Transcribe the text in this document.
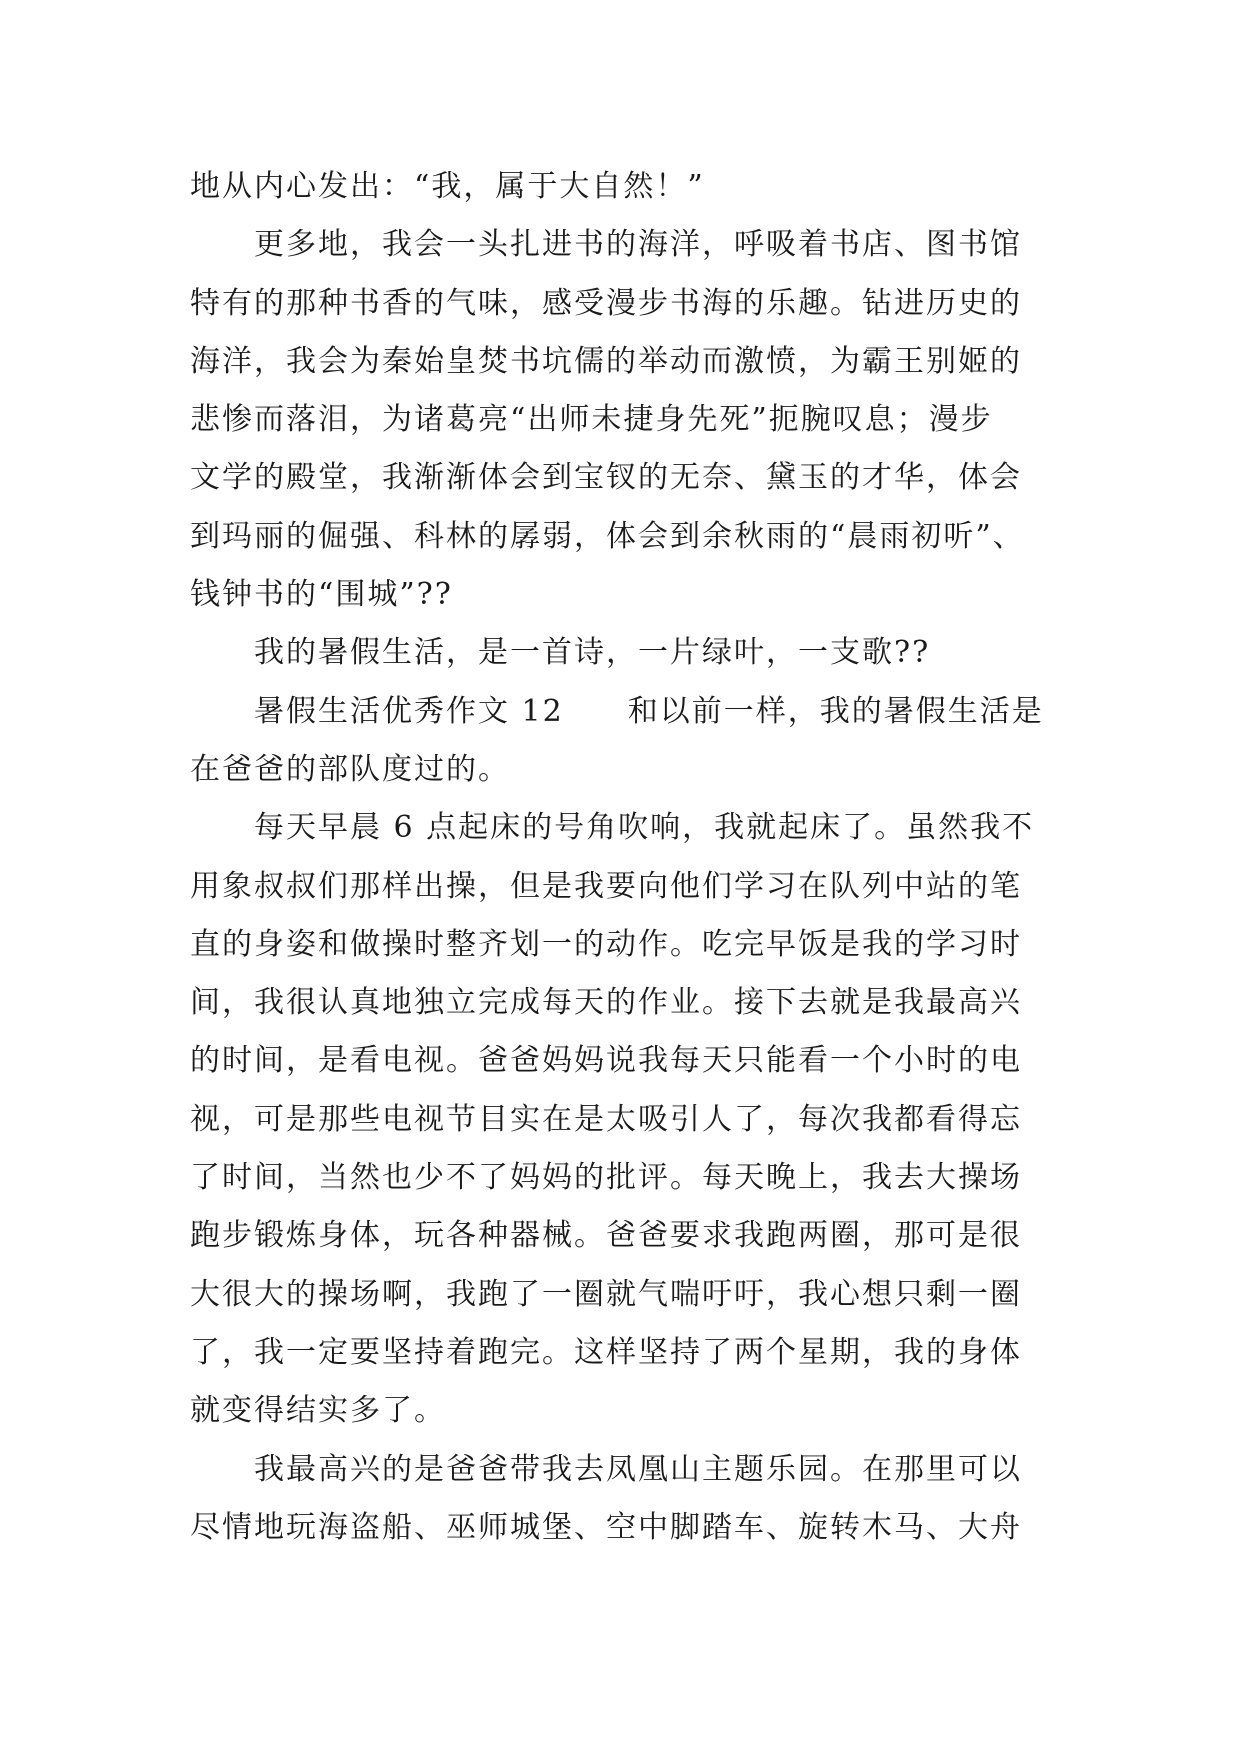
地从内心发出：“我，属于大自然！”
更多地，我会一头扎进书的海洋，呼吸着书店、图书馆
特有的那种书香的气味，感受漫步书海的乐趣。钻进历史的
海洋，我会为秦始皇焚书坑儒的举动而激愤，为霸王别姬的
悲惨而落泪，为诸葛亮“出师未捷身先死”扼腕叹息；漫步
文学的殿堂，我渐渐体会到宝钗的无奈、黛玉的才华，体会
到玛丽的倔强、科林的孱弱，体会到余秋雨的“晨雨初听”、
钱钟书的“围城”??
我的暑假生活，是一首诗，一片绿叶，一支歌??
暑假生活优秀作文 12　　和以前一样，我的暑假生活是
在爸爸的部队度过的。
每天早晨 6 点起床的号角吹响，我就起床了。虽然我不
用象叔叔们那样出操，但是我要向他们学习在队列中站的笔
直的身姿和做操时整齐划一的动作。吃完早饭是我的学习时
间，我很认真地独立完成每天的作业。接下去就是我最高兴
的时间，是看电视。爸爸妈妈说我每天只能看一个小时的电
视，可是那些电视节目实在是太吸引人了，每次我都看得忘
了时间，当然也少不了妈妈的批评。每天晚上，我去大操场
跑步锻炼身体，玩各种器械。爸爸要求我跑两圈，那可是很
大很大的操场啊，我跑了一圈就气喘吁吁，我心想只剩一圈
了，我一定要坚持着跑完。这样坚持了两个星期，我的身体
就变得结实多了。
我最高兴的是爸爸带我去凤凰山主题乐园。在那里可以
尽情地玩海盗船、巫师城堡、空中脚踏车、旋转木马、大舟
